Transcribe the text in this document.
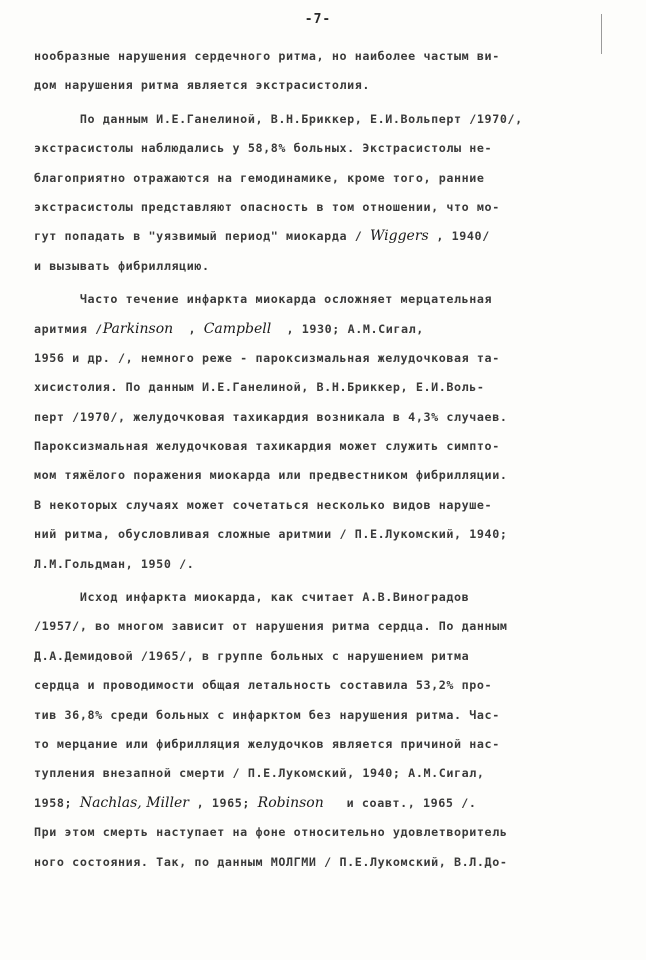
-7-
нообразные нарушения сердечного ритма, но наиболее частым ви-
дом нарушения ритма является экстрасистолия.
По данным И.Е.Ганелиной, В.Н.Бриккер, Е.И.Вольперт /1970/,
экстрасистолы наблюдались у 58,8% больных. Экстрасистолы не-
благоприятно отражаются на гемодинамике, кроме того, ранние
экстрасистолы представляют опасность в том отношении, что мо-
гут попадать в "уязвимый период" миокарда / Wiggers , 1940/
и вызывать фибрилляцию.
Часто течение инфаркта миокарда осложняет мерцательная
аритмия /Parkinson  , Campbell  , 1930; А.М.Сигал,
1956 и др. /, немного реже - пароксизмальная желудочковая та-
хисистолия. По данным И.Е.Ганелиной, В.Н.Бриккер, Е.И.Воль-
перт /1970/, желудочковая тахикардия возникала в 4,3% случаев.
Пароксизмальная желудочковая тахикардия может служить симпто-
мом тяжёлого поражения миокарда или предвестником фибрилляции.
В некоторых случаях может сочетаться несколько видов наруше-
ний ритма, обусловливая сложные аритмии / П.Е.Лукомский, 1940;
Л.М.Гольдман, 1950 /.
Исход инфаркта миокарда, как считает А.В.Виноградов
/1957/, во многом зависит от нарушения ритма сердца. По данным
Д.А.Демидовой /1965/, в группе больных с нарушением ритма
сердца и проводимости общая летальность составила 53,2% про-
тив 36,8% среди больных с инфарктом без нарушения ритма. Час-
то мерцание или фибрилляция желудочков является причиной нас-
тупления внезапной смерти / П.Е.Лукомский, 1940; А.М.Сигал,
1958; Nachlas, Miller , 1965; Robinson   и соавт., 1965 /.
При этом смерть наступает на фоне относительно удовлетворитель
ного состояния. Так, по данным МОЛГМИ / П.Е.Лукомский, В.Л.До-
